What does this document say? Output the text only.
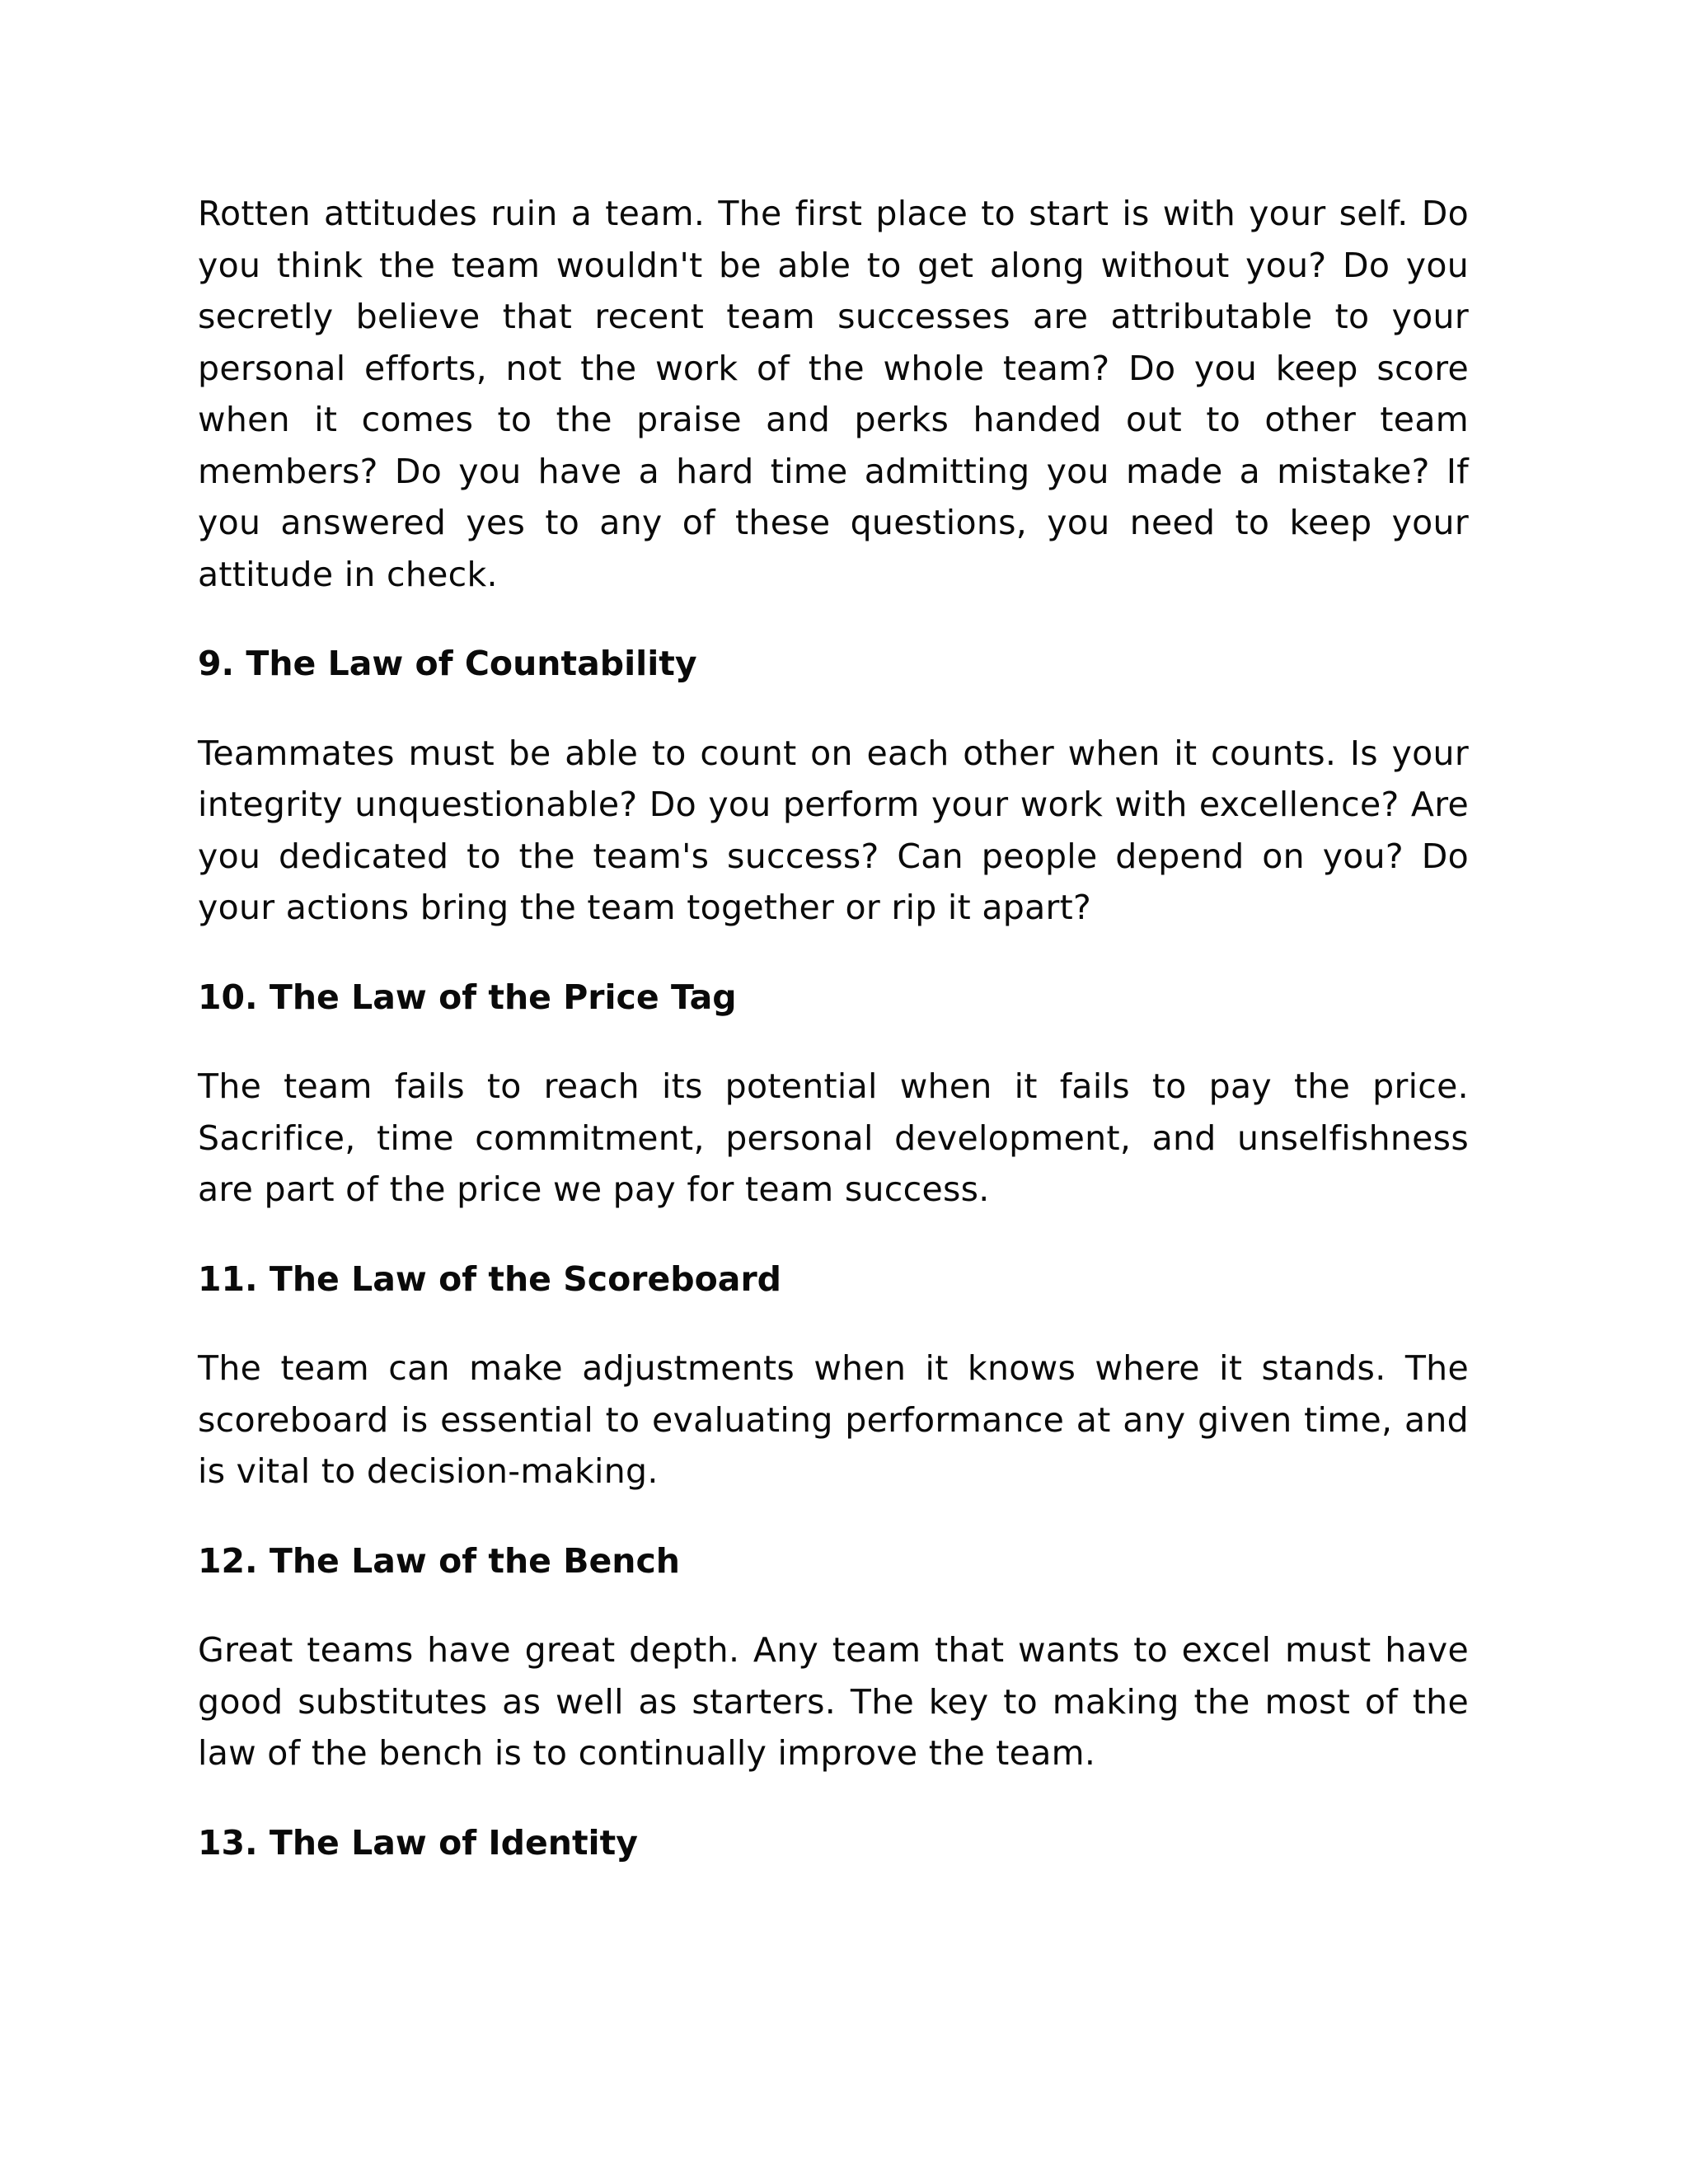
Rotten attitudes ruin a team. The first place to start is with your self. Do you think the team wouldn't be able to get along without you? Do you secretly believe that recent team successes are attributable to your personal efforts, not the work of the whole team? Do you keep score when it comes to the praise and perks handed out to other team members? Do you have a hard time admitting you made a mistake? If you answered yes to any of these questions, you need to keep your attitude in check.

9. The Law of Countability

Teammates must be able to count on each other when it counts. Is your integrity unquestionable? Do you perform your work with excellence? Are you dedicated to the team's success? Can people depend on you? Do your actions bring the team together or rip it apart?

10. The Law of the Price Tag

The team fails to reach its potential when it fails to pay the price. Sacrifice, time commitment, personal development, and unselfishness are part of the price we pay for team success.

11. The Law of the Scoreboard

The team can make adjustments when it knows where it stands. The scoreboard is essential to evaluating performance at any given time, and is vital to decision-making.

12. The Law of the Bench

Great teams have great depth. Any team that wants to excel must have good substitutes as well as starters. The key to making the most of the law of the bench is to continually improve the team.

13. The Law of Identity
